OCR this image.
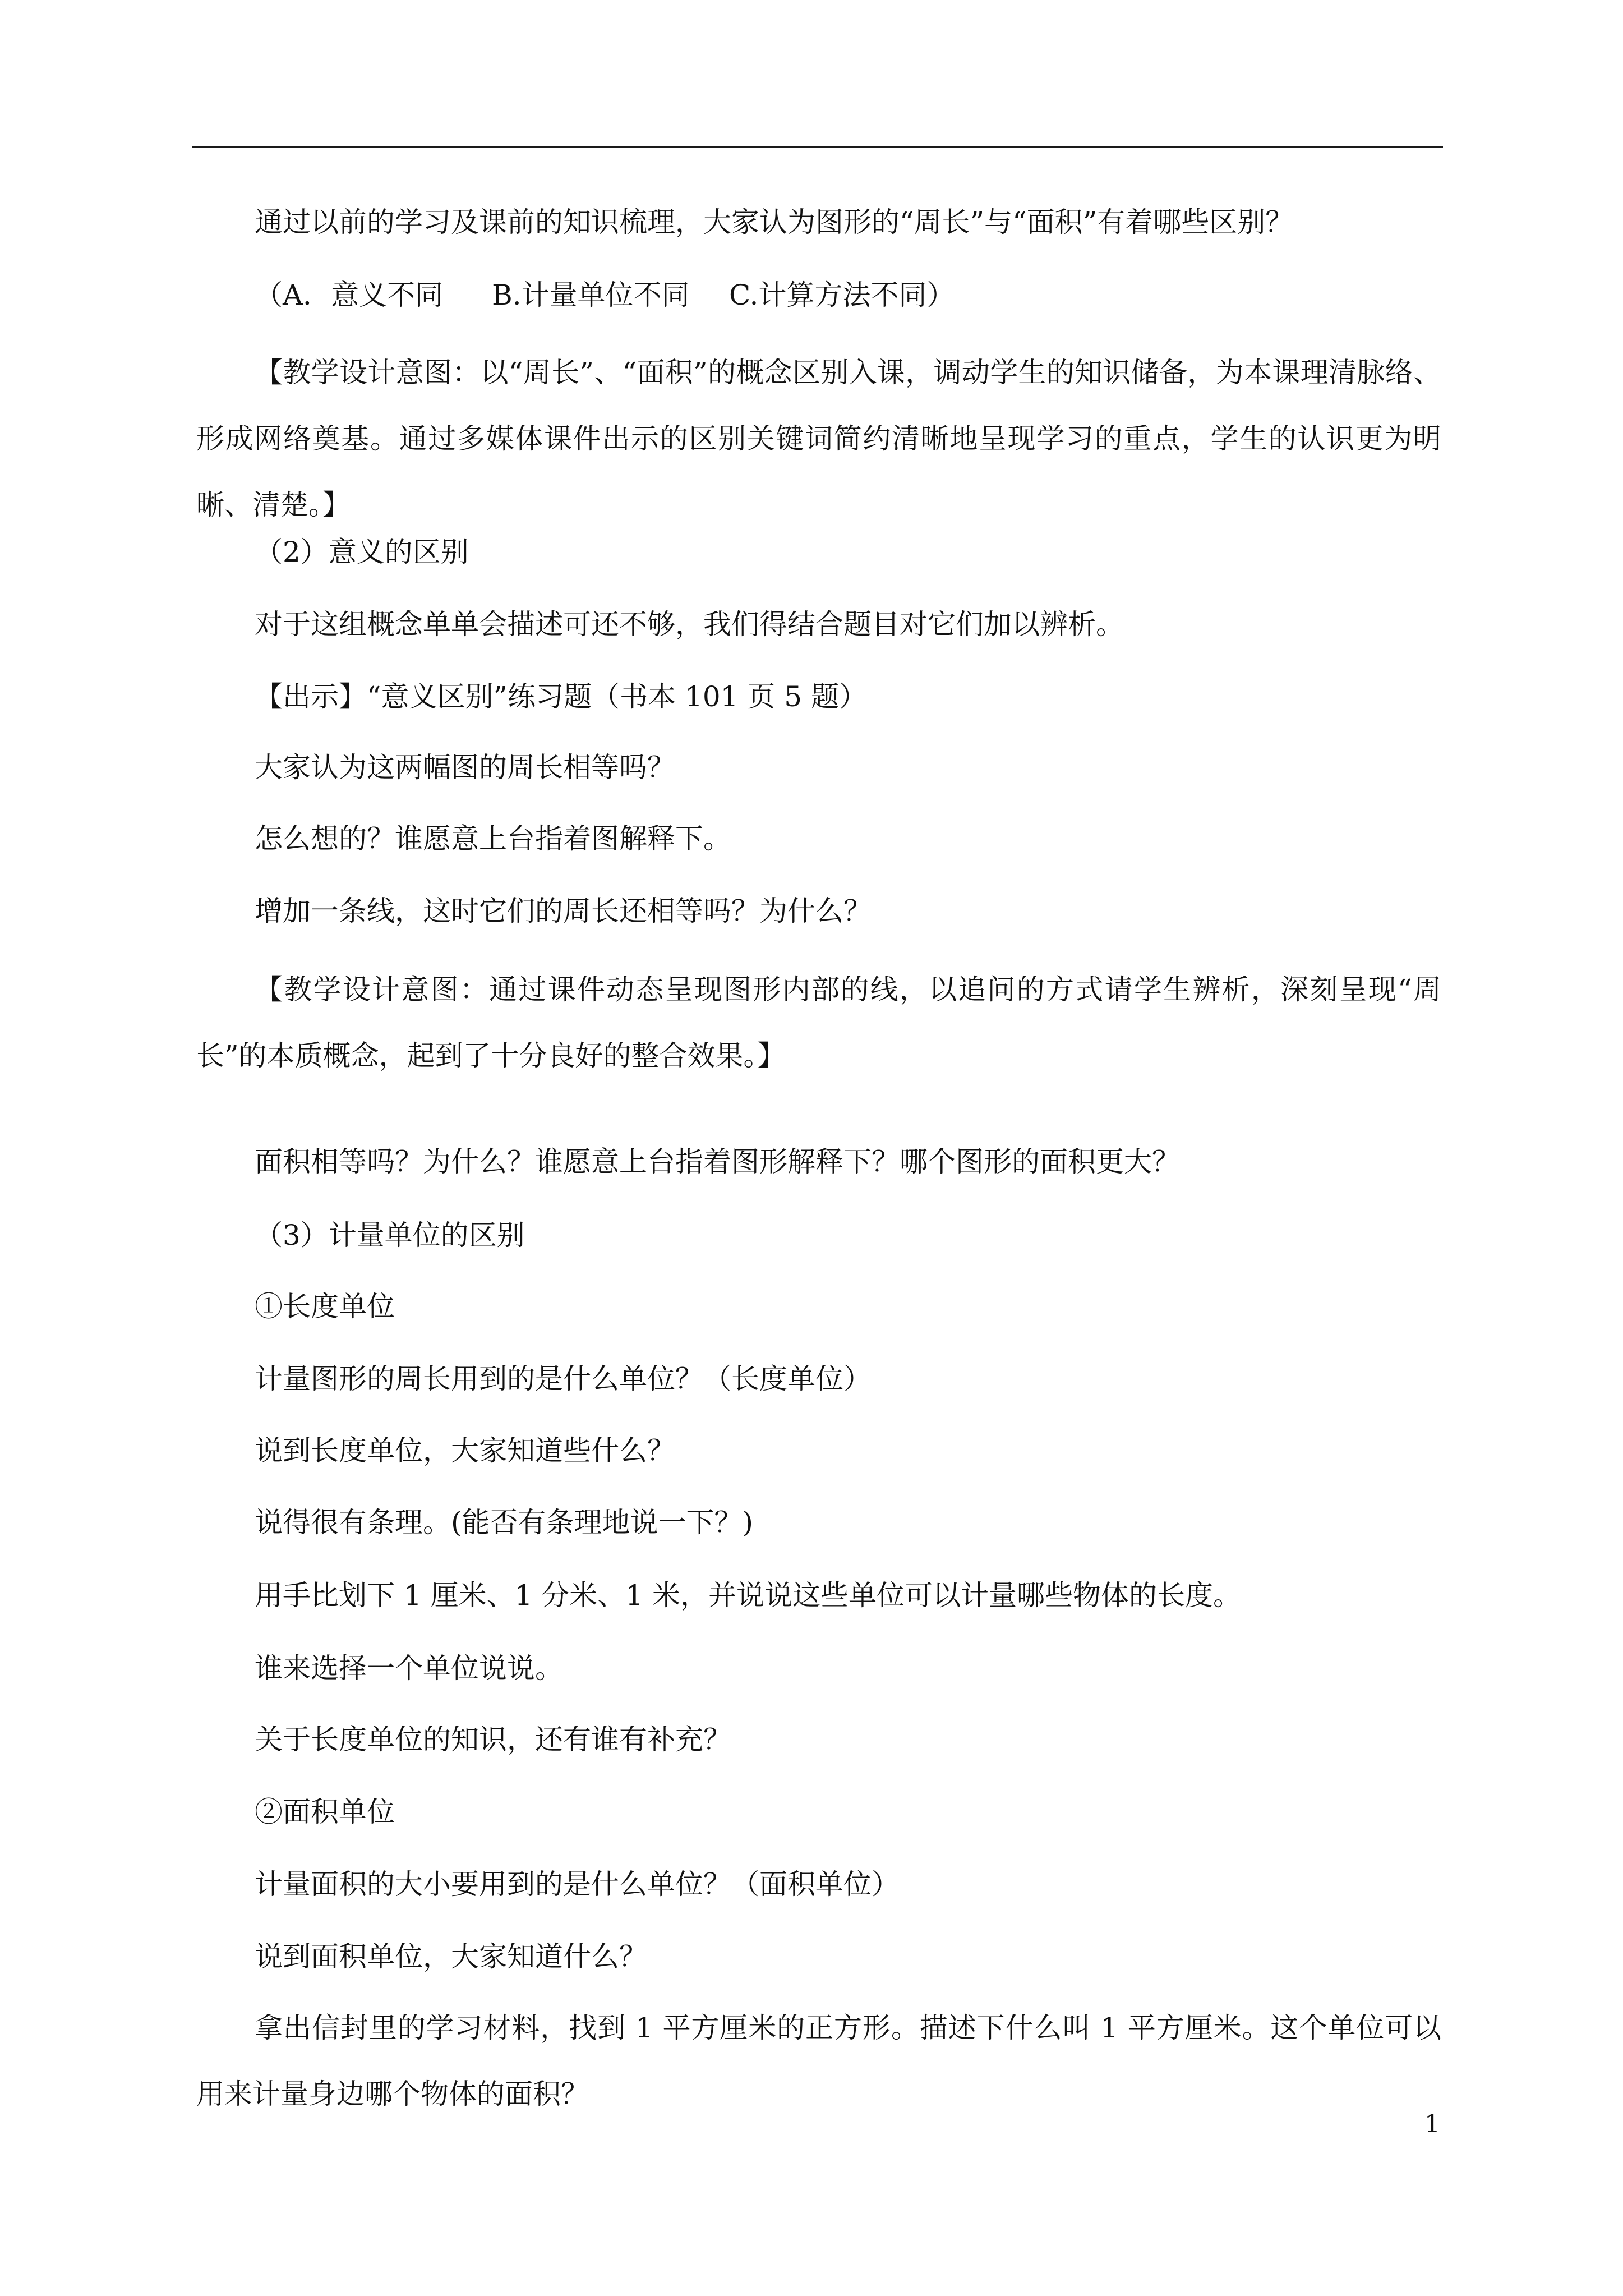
通过以前的学习及课前的知识梳理，大家认为图形的“周长”与“面积”有着哪些区别？
（A．意义不同 B.计量单位不同 C.计算方法不同）
【教学设计意图：以“周长”、“面积”的概念区别入课，调动学生的知识储备，为本课理清脉络、形成网络奠基。通过多媒体课件出示的区别关键词简约清晰地呈现学习的重点，学生的认识更为明晰、清楚。】
（2）意义的区别
对于这组概念单单会描述可还不够，我们得结合题目对它们加以辨析。
【出示】“意义区别”练习题（书本 101 页 5 题）
大家认为这两幅图的周长相等吗？
怎么想的？谁愿意上台指着图解释下。
增加一条线，这时它们的周长还相等吗？为什么？
【教学设计意图：通过课件动态呈现图形内部的线，以追问的方式请学生辨析，深刻呈现“周长”的本质概念，起到了十分良好的整合效果。】
面积相等吗？为什么？谁愿意上台指着图形解释下？哪个图形的面积更大？
（3）计量单位的区别
①长度单位
计量图形的周长用到的是什么单位？（长度单位）
说到长度单位，大家知道些什么？
说得很有条理。(能否有条理地说一下？)
用手比划下 1 厘米、1 分米、1 米，并说说这些单位可以计量哪些物体的长度。
谁来选择一个单位说说。
关于长度单位的知识，还有谁有补充？
②面积单位
计量面积的大小要用到的是什么单位？（面积单位）
说到面积单位，大家知道什么？
拿出信封里的学习材料，找到 1 平方厘米的正方形。描述下什么叫 1 平方厘米。这个单位可以用来计量身边哪个物体的面积？
1
